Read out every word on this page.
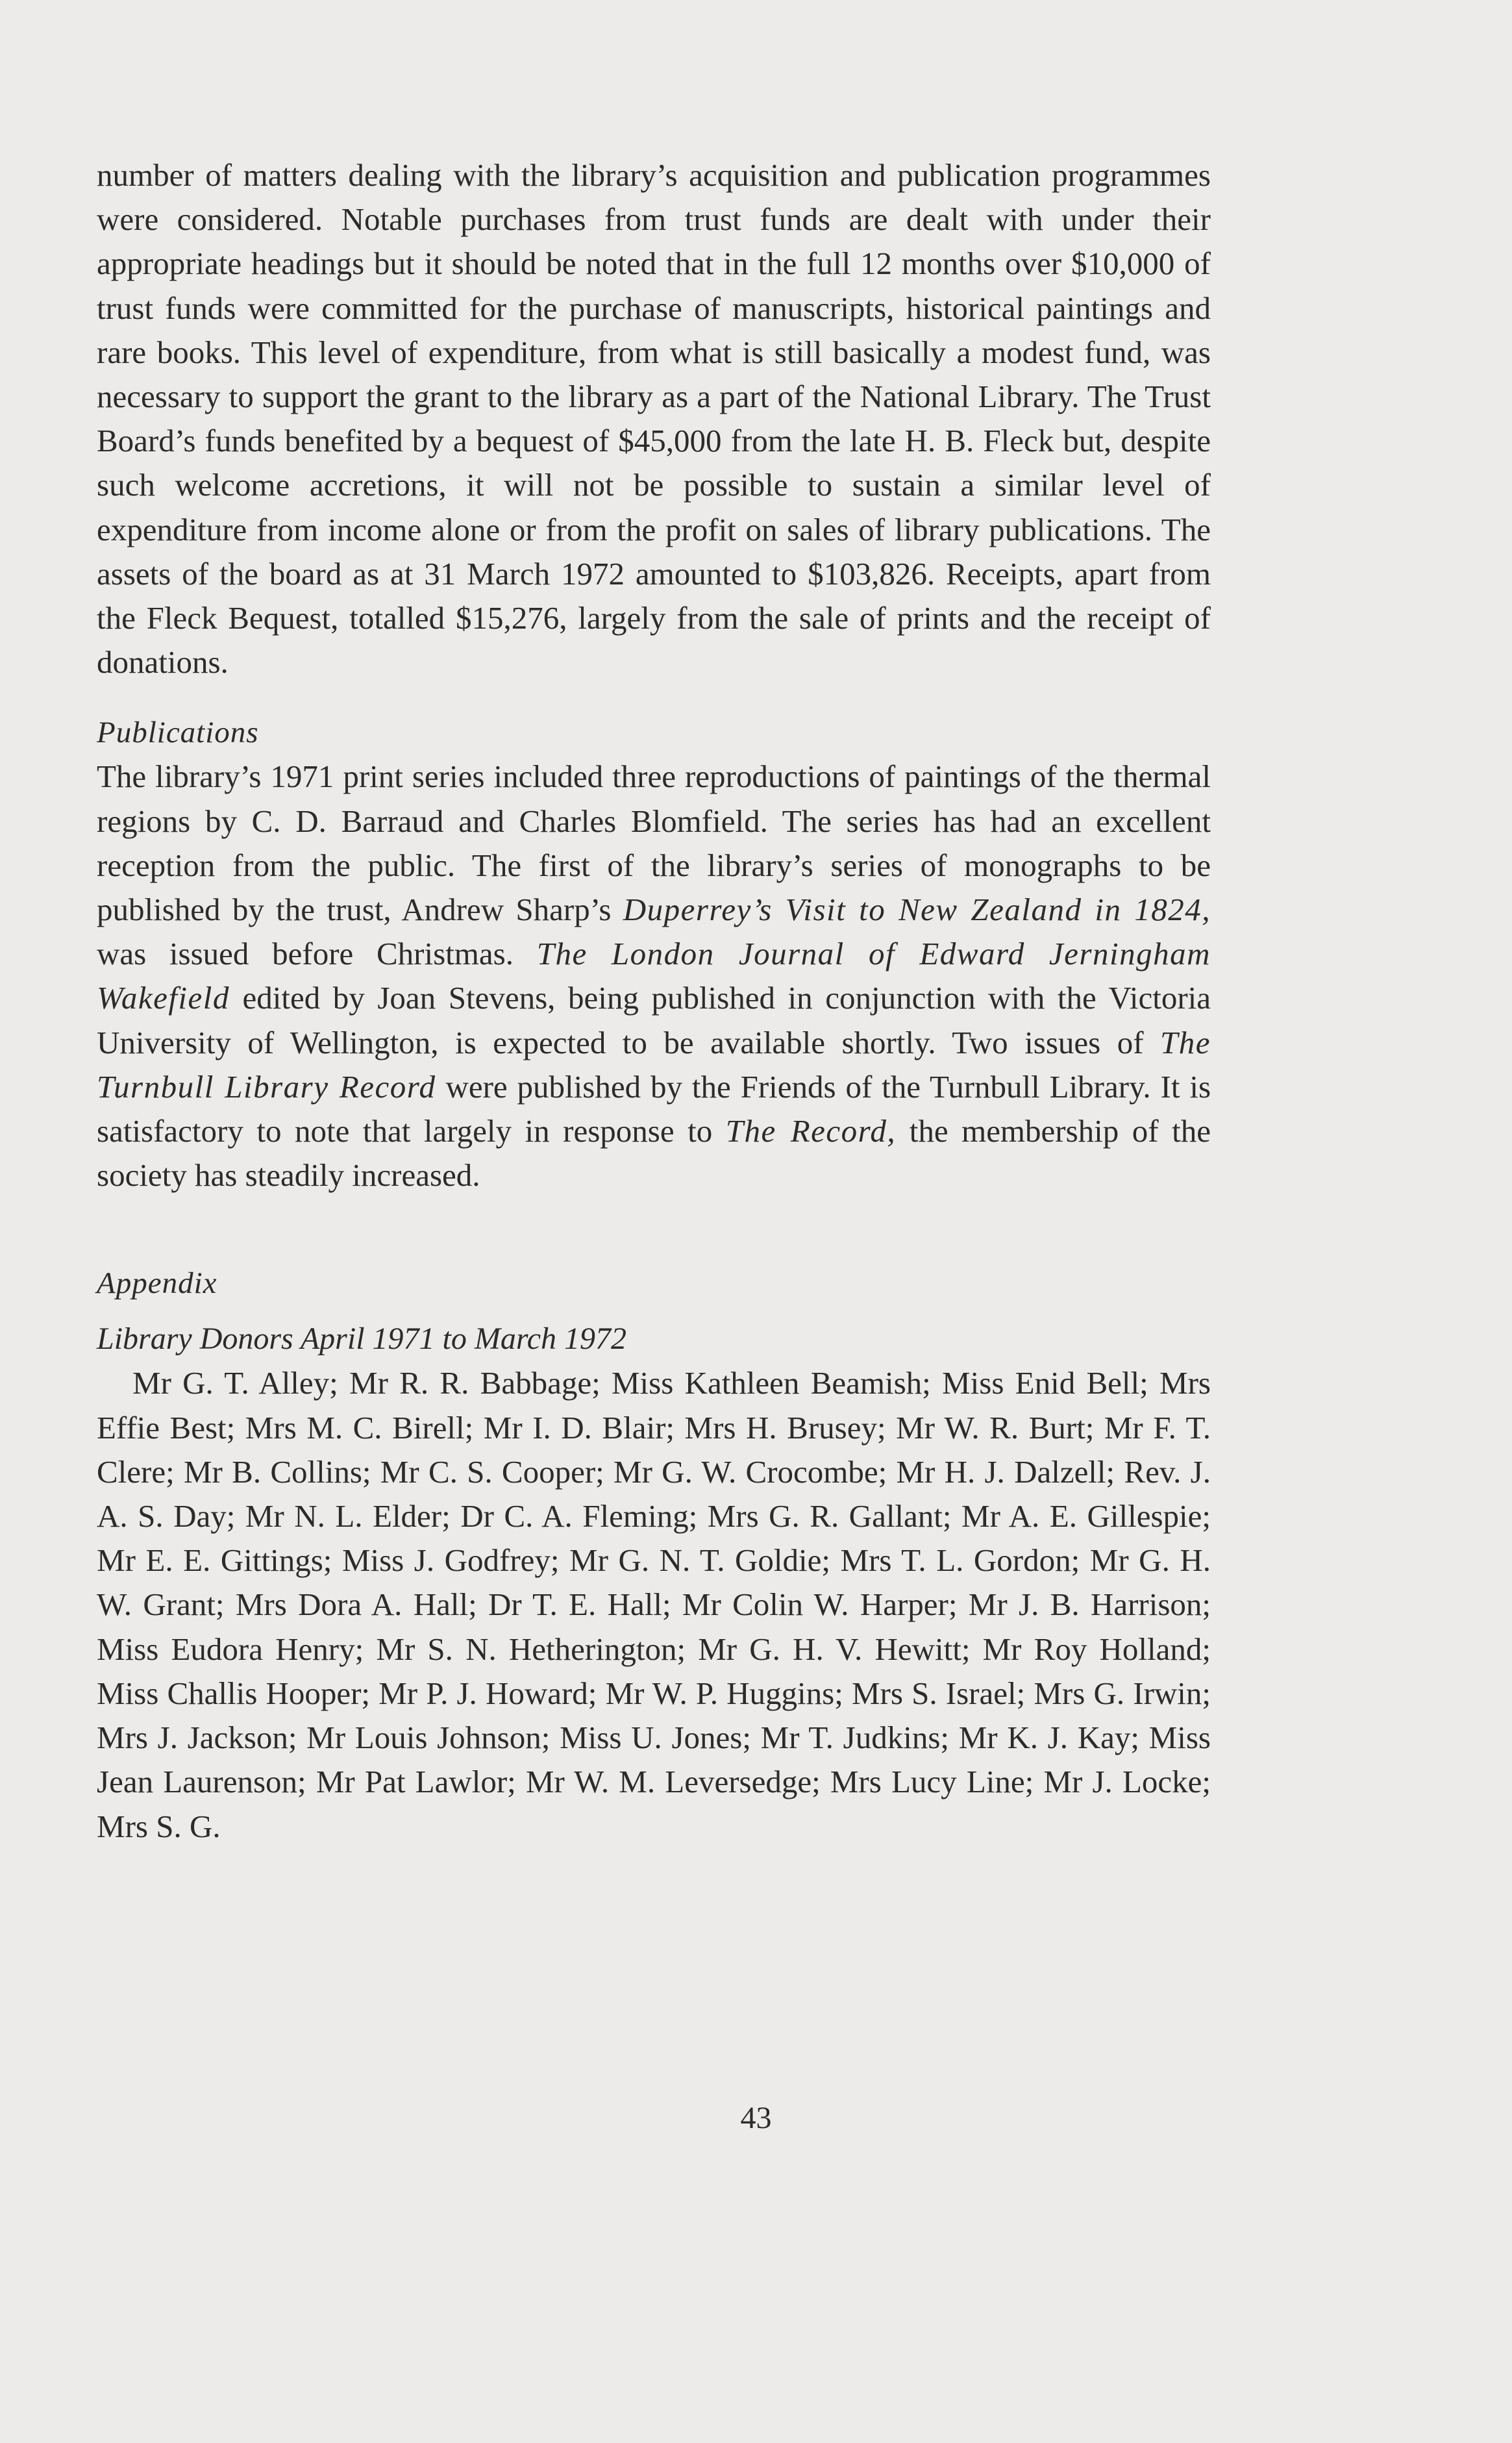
number of matters dealing with the library’s acquisition and publication programmes were considered. Notable purchases from trust funds are dealt with under their appropriate headings but it should be noted that in the full 12 months over $10,000 of trust funds were committed for the purchase of manuscripts, historical paintings and rare books. This level of expenditure, from what is still basically a modest fund, was necessary to support the grant to the library as a part of the National Library. The Trust Board’s funds benefited by a bequest of $45,000 from the late H. B. Fleck but, despite such welcome accretions, it will not be possible to sustain a similar level of expenditure from income alone or from the profit on sales of library publications. The assets of the board as at 31 March 1972 amounted to $103,826. Receipts, apart from the Fleck Bequest, totalled $15,276, largely from the sale of prints and the receipt of donations.

Publications

The library’s 1971 print series included three reproductions of paintings of the thermal regions by C. D. Barraud and Charles Blomfield. The series has had an excellent reception from the public. The first of the library’s series of monographs to be published by the trust, Andrew Sharp’s Duperrey’s Visit to New Zealand in 1824, was issued before Christmas. The London Journal of Edward Jerningham Wakefield edited by Joan Stevens, being published in conjunction with the Victoria University of Wellington, is expected to be available shortly. Two issues of The Turnbull Library Record were published by the Friends of the Turnbull Library. It is satisfactory to note that largely in response to The Record, the membership of the society has steadily increased.

Appendix

Library Donors April 1971 to March 1972

Mr G. T. Alley; Mr R. R. Babbage; Miss Kathleen Beamish; Miss Enid Bell; Mrs Effie Best; Mrs M. C. Birell; Mr I. D. Blair; Mrs H. Brusey; Mr W. R. Burt; Mr F. T. Clere; Mr B. Collins; Mr C. S. Cooper; Mr G. W. Crocombe; Mr H. J. Dalzell; Rev. J. A. S. Day; Mr N. L. Elder; Dr C. A. Fleming; Mrs G. R. Gallant; Mr A. E. Gillespie; Mr E. E. Gittings; Miss J. Godfrey; Mr G. N. T. Goldie; Mrs T. L. Gordon; Mr G. H. W. Grant; Mrs Dora A. Hall; Dr T. E. Hall; Mr Colin W. Harper; Mr J. B. Harrison; Miss Eudora Henry; Mr S. N. Hetherington; Mr G. H. V. Hewitt; Mr Roy Holland; Miss Challis Hooper; Mr P. J. Howard; Mr W. P. Huggins; Mrs S. Israel; Mrs G. Irwin; Mrs J. Jackson; Mr Louis Johnson; Miss U. Jones; Mr T. Judkins; Mr K. J. Kay; Miss Jean Laurenson; Mr Pat Lawlor; Mr W. M. Leversedge; Mrs Lucy Line; Mr J. Locke; Mrs S. G.

43
